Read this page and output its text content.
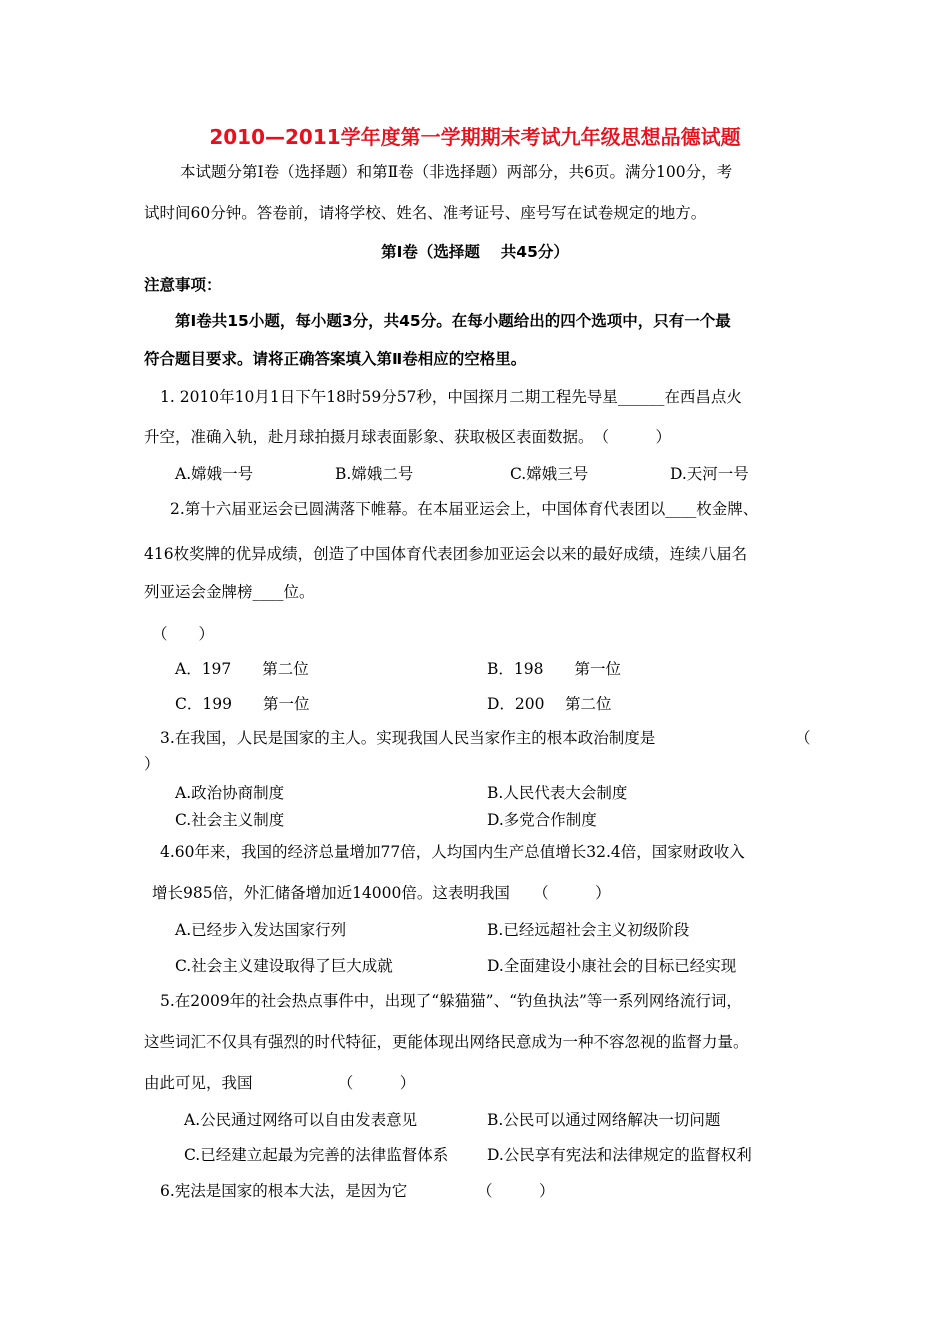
2010—2011学年度第一学期期末考试九年级思想品德试题
本试题分第Ⅰ卷（选择题）和第Ⅱ卷（非选择题）两部分，共6页。满分100分，考
试时间60分钟。答卷前，请将学校、姓名、准考证号、座号写在试卷规定的地方。
第Ⅰ卷（选择题　 共45分）
注意事项：
第Ⅰ卷共15小题，每小题3分，共45分。在每小题给出的四个选项中，只有一个最
符合题目要求。请将正确答案填入第Ⅱ卷相应的空格里。
1. 2010年10月1日下午18时59分57秒，中国探月二期工程先导星______在西昌点火
升空，准确入轨，赴月球拍摄月球表面影象、获取极区表面数据。　（　　　）
A.嫦娥一号	B.嫦娥二号	C.嫦娥三号	D.天河一号
2.第十六届亚运会已圆满落下帷幕。在本届亚运会上，中国体育代表团以____枚金牌、
416枚奖牌的优异成绩，创造了中国体育代表团参加亚运会以来的最好成绩，连续八届名
列亚运会金牌榜____位。
（　　）
A．197　　第二位	B．198　　第一位
C．199　　第一位	D．200　 第二位
3.在我国，人民是国家的主人。实现我国人民当家作主的根本政治制度是	（
）
A.政治协商制度	B.人民代表大会制度
C.社会主义制度	D.多党合作制度
4.60年来，我国的经济总量增加77倍，人均国内生产总值增长32.4倍，国家财政收入
增长985倍，外汇储备增加近14000倍。这表明我国　　（　　　）
A.已经步入发达国家行列	B.已经远超社会主义初级阶段
C.社会主义建设取得了巨大成就	D.全面建设小康社会的目标已经实现
5.在2009年的社会热点事件中，出现了“躲猫猫”、“钓鱼执法”等一系列网络流行词，
这些词汇不仅具有强烈的时代特征，更能体现出网络民意成为一种不容忽视的监督力量。
由此可见，我国　　　　　　（　　　）
A.公民通过网络可以自由发表意见	B.公民可以通过网络解决一切问题
C.已经建立起最为完善的法律监督体系	D.公民享有宪法和法律规定的监督权利
6.宪法是国家的根本大法，是因为它　　　　　（　　　）
